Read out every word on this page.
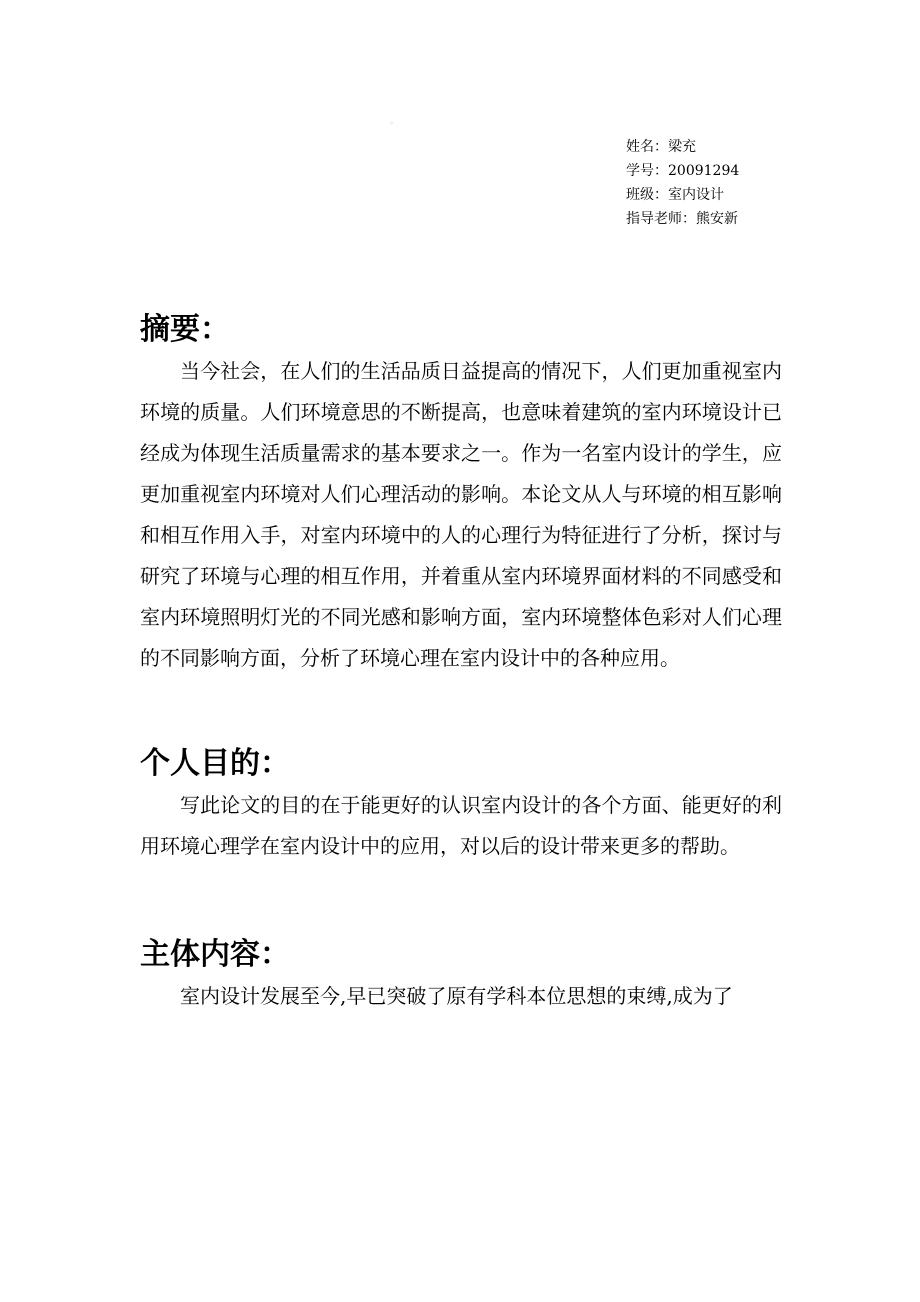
◦

姓名：梁充

学号：20091294

班级：室内设计

指导老师：熊安新

摘要：

当今社会，在人们的生活品质日益提高的情况下，人们更加重视室内环境的质量。人们环境意思的不断提高，也意味着建筑的室内环境设计已经成为体现生活质量需求的基本要求之一。作为一名室内设计的学生，应更加重视室内环境对人们心理活动的影响。本论文从人与环境的相互影响和相互作用入手，对室内环境中的人的心理行为特征进行了分析，探讨与研究了环境与心理的相互作用，并着重从室内环境界面材料的不同感受和室内环境照明灯光的不同光感和影响方面，室内环境整体色彩对人们心理的不同影响方面，分析了环境心理在室内设计中的各种应用。

个人目的：

写此论文的目的在于能更好的认识室内设计的各个方面、能更好的利用环境心理学在室内设计中的应用，对以后的设计带来更多的帮助。

主体内容：

室内设计发展至今,早已突破了原有学科本位思想的束缚,成为了
